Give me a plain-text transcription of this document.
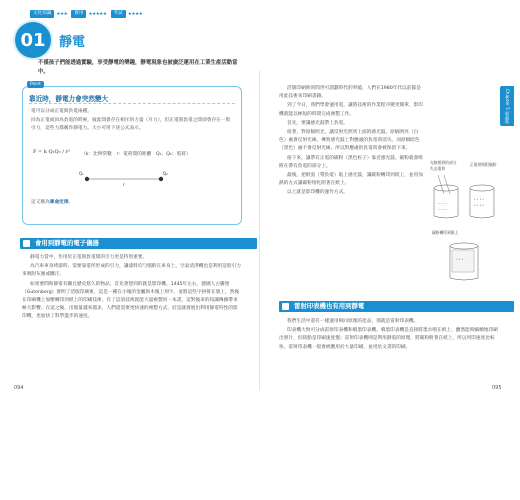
文化知識	★★★	實用	★★★★★	考試	★★★★
01	靜電
不僅孩子們能透過實驗，享受靜電的樂趣，靜電現象也被廣泛運用在工業生產活動當中。
Point
靠近時，靜電力會突然變大

電可以分成正電與負電兩種。

同為正電或同為負電的時候，彼此間會存在相斥的力量（斥力），但正電與負電之間卻會存在一股引力，這些力都稱作靜電力。大小可用下述公式表示。

F = k Q₁Q₂ / r² （k：比例常數　r：電荷間的距離　Q₁、Q₂：電荷）
Q₁	Q₂
r
這又稱為庫侖定律。
會用到靜電的電子儀器

靜電力當中，作用於正電與負電間的引力更是特別重要。

為汽車車身烤漆時，需要靠電所形成的引力，讓漆料均勻噴附在車身上。空氣清淨機也是利用這股引力來吸附灰塵或髒汙。

如果要問和靜電有關且歷史悠久的物品，首先會想到的就是影印機。1445年左右，德國人古騰堡（Gutenberg）發明了活版印刷術，這是一種在小塊的金屬與木塊上刻字，並將這些字拼排在版上，然後在印刷機上加壓轉印到紙上的印刷技術。有了這項技術就能大量複製同一本書，這對後來的知識傳播帶來極大影響。在這之後，出版量越來越多，人們還需要更快速的複製方式，於是就發展出利用靜電特性的影印機，也加快了科學進步的速度。

活版印刷術的問世可謂劃時代的突破，人們在1980年代以前都是用此技術來印刷書籍。

到了今日，我們學會運用電，讓將技術的作業程序變更簡單，影印機就能以極短的時間完成複製工作。

首先，要讓感光鼓帶上負電。

接著，對原稿照光，讓反射光照到上面的感光鼓。原稿明亮（白色）處會反射光線，導致感光鼓上對應處的負電荷消失。而原稿暗色（黑色）處不會反射光線，所以對應處的負電荷會被保留下來。

接下來，讓帶有正電的碳粉（黑色粒子）靠近感光鼓。碳粉就會吸附在帶有負電的部分上。

最後，把紙張（帶負電）貼上感光鼓，讓碳粉轉印到紙上，並用加熱的方式讓碳粉熔化附著在紙上。

以上就是影印機的運作方式。

Chapter 5 電氣篇
光線照到的部分失去電荷
正電荷吸附碳粉
− − −
− − −
• • • •
• • • •
• • •
碳粉轉印到紙上
雷射印表機也有用到靜電

我們生活中還有一樣運用相同原理的產品，那就是雷射印表機。

印表機大致可分成雷射印表機和噴墨印表機。噴墨印表機是直接將墨水噴在紙上，雖然能夠細緻地印刷出照片，但缺點是印刷速度慢；雷射印表機則是利用靜電的原理，將碳粉附著在紙上，所以列印速度比較快。雷射印表機一般會被應用於大量印刷，並用於文書的印刷。

094	095
